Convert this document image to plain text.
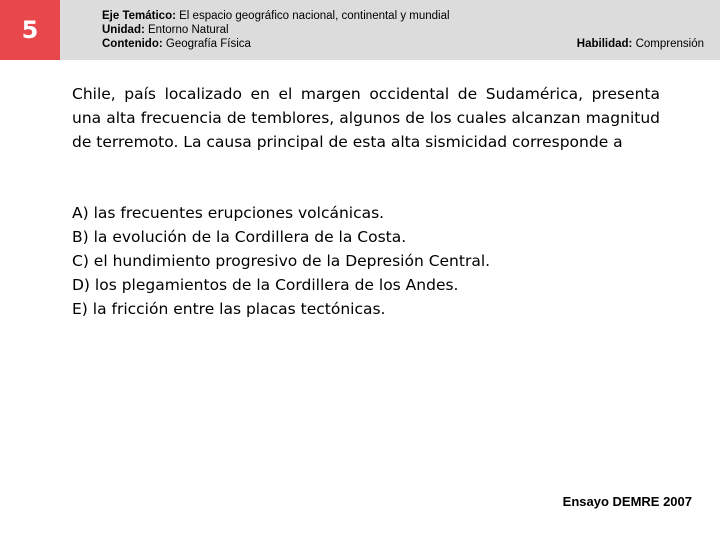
5	Eje Temático: El espacio geográfico nacional, continental y mundial
Unidad: Entorno Natural
Contenido: Geografía Física	Habilidad: Comprensión

Chile, país localizado en el margen occidental de Sudamérica, presenta una alta frecuencia de temblores, algunos de los cuales alcanzan magnitud de terremoto. La causa principal de esta alta sismicidad corresponde a

A) las frecuentes erupciones volcánicas.
B) la evolución de la Cordillera de la Costa.
C) el hundimiento progresivo de la Depresión Central.
D) los plegamientos de la Cordillera de los Andes.
E) la fricción entre las placas tectónicas.
Ensayo DEMRE 2007
